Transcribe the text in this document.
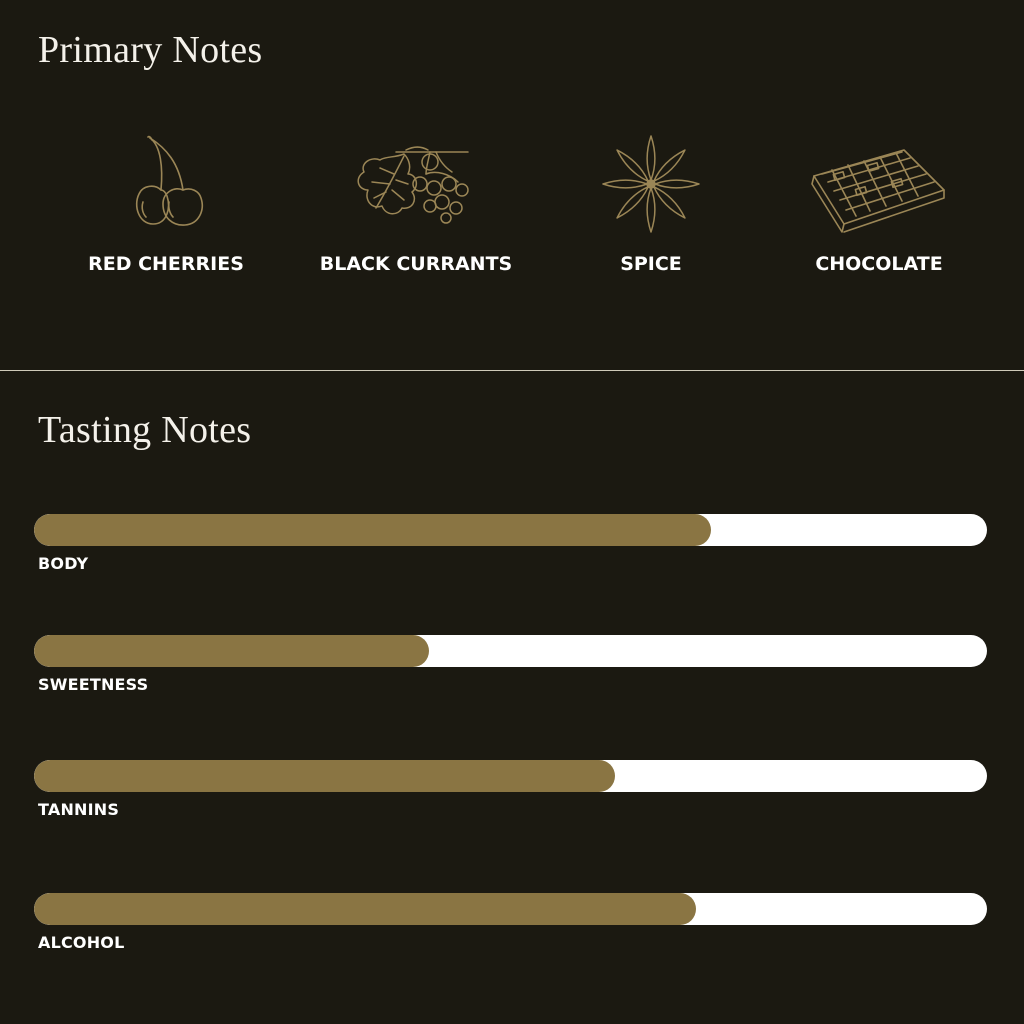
Primary Notes
RED CHERRIES	BLACK CURRANTS	SPICE	CHOCOLATE
Tasting Notes
BODY
SWEETNESS
TANNINS
ALCOHOL
